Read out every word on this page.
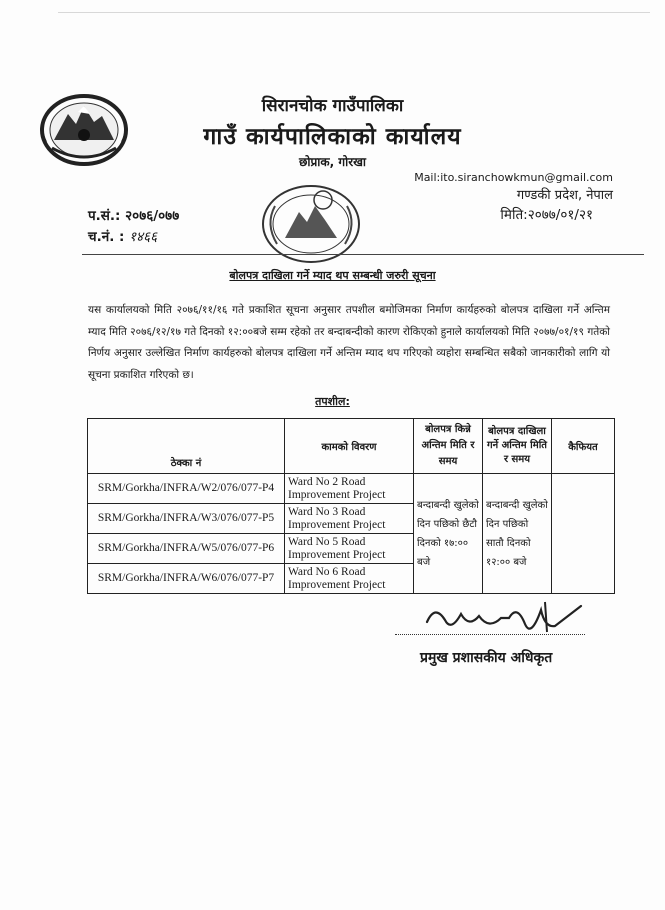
सिरानचोक गाउँपालिका
गाउँ कार्यपालिकाको कार्यालय
छोप्राक, गोरखा
Mail:ito.siranchowkmun@gmail.com
गण्डकी प्रदेश, नेपाल
मिति:२०७७/०१/२१
प.सं.: २०७६/०७७
च.नं. : १४६६
बोलपत्र दाखिला गर्ने म्याद थप सम्बन्धी जरुरी सूचना
यस कार्यालयको मिति २०७६/११/१६ गते प्रकाशित सूचना अनुसार तपशील बमोजिमका निर्माण कार्यहरुको बोलपत्र दाखिला गर्ने अन्तिम म्याद मिति २०७६/१२/१७ गते दिनको १२:००बजे सम्म रहेको तर बन्दाबन्दीको कारण रोकिएको हुनाले कार्यालयको मिति २०७७/०१/१९ गतेको निर्णय अनुसार उल्लेखित निर्माण कार्यहरुको बोलपत्र दाखिला गर्ने अन्तिम म्याद थप गरिएको व्यहोरा सम्बन्धित सबैको जानकारीको लागि यो सूचना प्रकाशित गरिएको छ।
तपशील:
ठेक्का नं	कामको विवरण	बोलपत्र किन्ने अन्तिम मिति र समय	बोलपत्र दाखिला गर्ने अन्तिम मिति र समय	कैफियत
SRM/Gorkha/INFRA/W2/076/077-P4	Ward No 2 Road Improvement Project	बन्दाबन्दी खुलेको दिन पछिको छैटौ दिनको १७:०० बजे	बन्दाबन्दी खुलेको दिन पछिको सातौ दिनको १२:०० बजे	
SRM/Gorkha/INFRA/W3/076/077-P5	Ward No 3 Road Improvement Project			
SRM/Gorkha/INFRA/W5/076/077-P6	Ward No 5 Road Improvement Project			
SRM/Gorkha/INFRA/W6/076/077-P7	Ward No 6 Road Improvement Project			
प्रमुख प्रशासकीय अधिकृत
